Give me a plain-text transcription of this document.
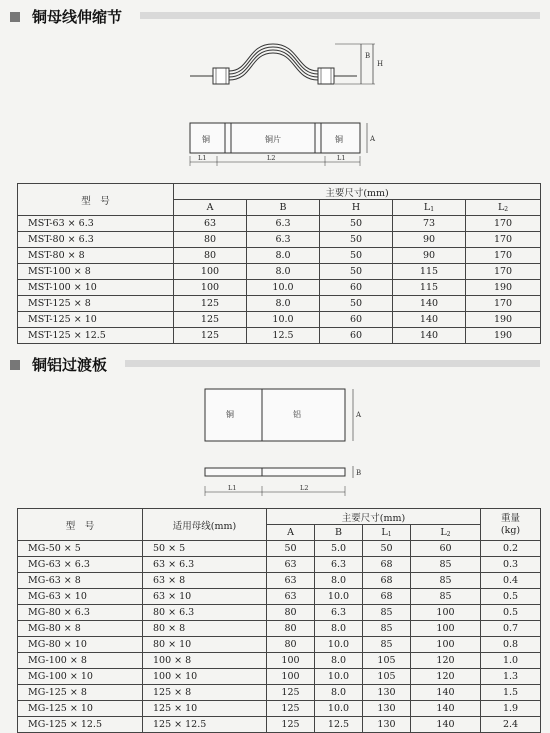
铜母线伸缩节
B
H
铜	铜片	铜	A
L1	L2	L1
型　号	主要尺寸(mm)				
	A	B	H	L1	L2
MST-63 × 6.3	63	6.3	50	73	170
MST-80 × 6.3	80	6.3	50	90	170
MST-80 × 8	80	8.0	50	90	170
MST-100 × 8	100	8.0	50	115	170
MST-100 × 10	100	10.0	60	115	190
MST-125 × 8	125	8.0	50	140	170
MST-125 × 10	125	10.0	60	140	190
MST-125 × 12.5	125	12.5	60	140	190
铜铝过渡板
铜	铝	A
B
L1	L2
型　号	适用母线(mm)	主要尺寸(mm)				重量
(kg)

		A	B	L1	L2	
MG-50 × 5	50 × 5	50	5.0	50	60	0.2
MG-63 × 6.3	63 × 6.3	63	6.3	68	85	0.3
MG-63 × 8	63 × 8	63	8.0	68	85	0.4
MG-63 × 10	63 × 10	63	10.0	68	85	0.5
MG-80 × 6.3	80 × 6.3	80	6.3	85	100	0.5
MG-80 × 8	80 × 8	80	8.0	85	100	0.7
MG-80 × 10	80 × 10	80	10.0	85	100	0.8
MG-100 × 8	100 × 8	100	8.0	105	120	1.0
MG-100 × 10	100 × 10	100	10.0	105	120	1.3
MG-125 × 8	125 × 8	125	8.0	130	140	1.5
MG-125 × 10	125 × 10	125	10.0	130	140	1.9
MG-125 × 12.5	125 × 12.5	125	12.5	130	140	2.4
